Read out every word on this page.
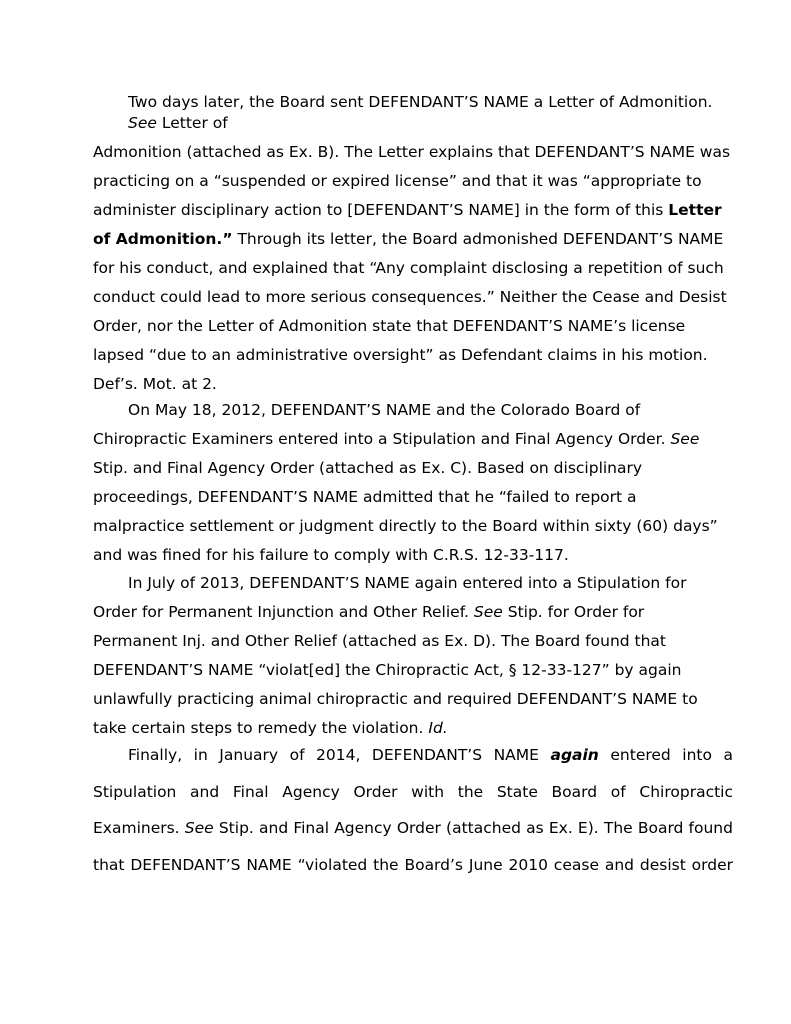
Two days later, the Board sent DEFENDANT’S NAME a Letter of Admonition.
See Letter of

Admonition (attached as Ex. B). The Letter explains that DEFENDANT’S NAME was practicing on a “suspended or expired license” and that it was “appropriate to administer disciplinary action to [DEFENDANT’S NAME] in the form of this Letter of Admonition.” Through its letter, the Board admonished DEFENDANT’S NAME for his conduct, and explained that “Any complaint disclosing a repetition of such conduct could lead to more serious consequences.” Neither the Cease and Desist Order, nor the Letter of Admonition state that DEFENDANT’S NAME’s license lapsed “due to an administrative oversight” as Defendant claims in his motion. Def’s. Mot. at 2.

On May 18, 2012, DEFENDANT’S NAME and the Colorado Board of Chiropractic Examiners entered into a Stipulation and Final Agency Order. See Stip. and Final Agency Order (attached as Ex. C). Based on disciplinary proceedings, DEFENDANT’S NAME admitted that he “failed to report a malpractice settlement or judgment directly to the Board within sixty (60) days” and was fined for his failure to comply with C.R.S. 12-33-117.

In July of 2013, DEFENDANT’S NAME again entered into a Stipulation for Order for Permanent Injunction and Other Relief. See Stip. for Order for Permanent Inj. and Other Relief (attached as Ex. D). The Board found that DEFENDANT’S NAME “violat[ed] the Chiropractic Act, § 12-33-127” by again unlawfully practicing animal chiropractic and required DEFENDANT’S NAME to take certain steps to remedy the violation. Id.

Finally, in January of 2014, DEFENDANT’S NAME again entered into a
Stipulation and Final Agency Order with the State Board of Chiropractic
Examiners. See Stip. and Final Agency Order (attached as Ex. E). The Board found
that DEFENDANT’S NAME “violated the Board’s June 2010 cease and desist order
